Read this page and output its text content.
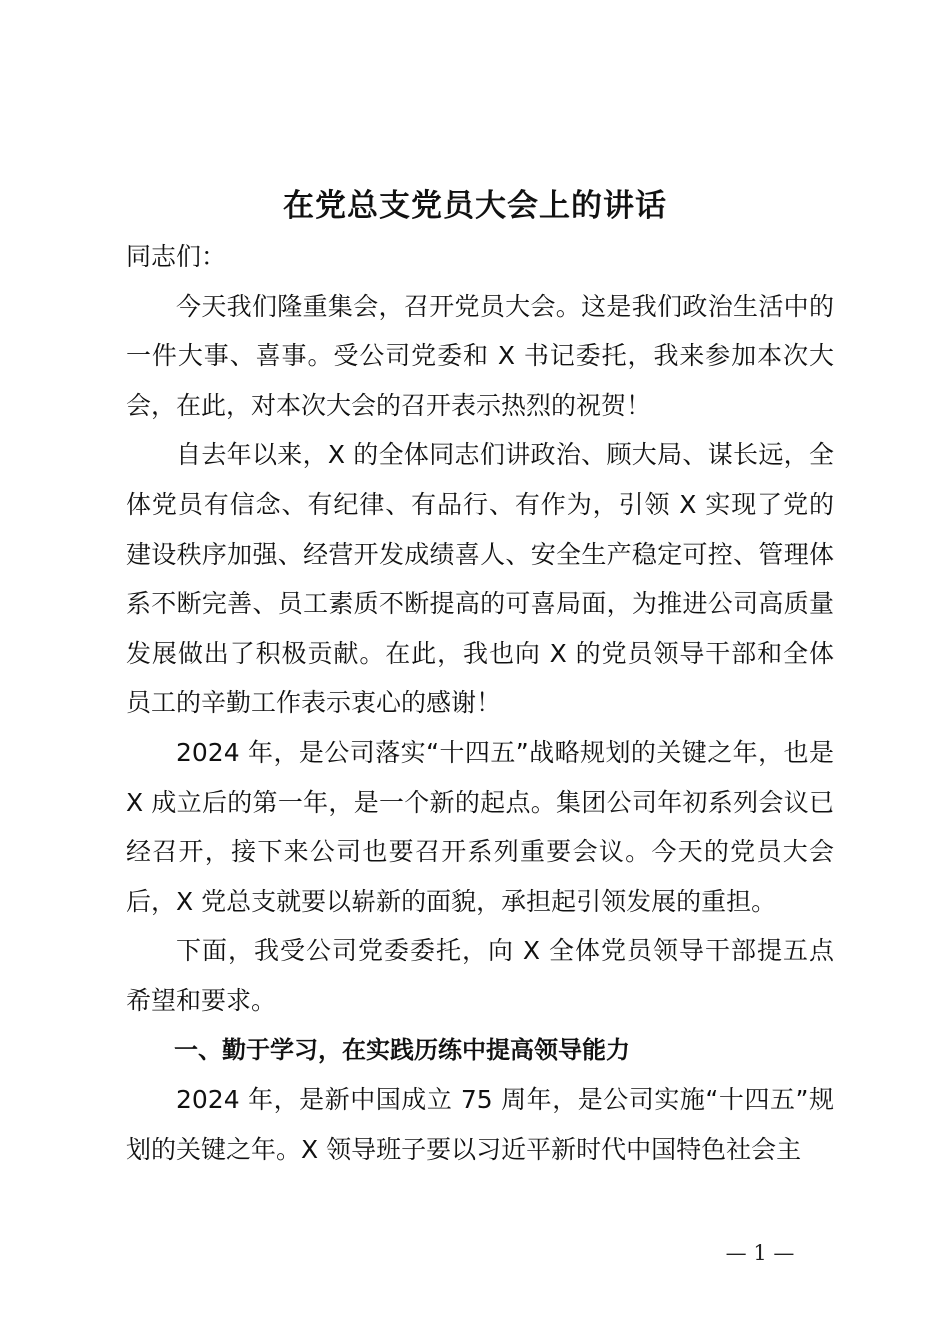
在党总支党员大会上的讲话

同志们：

今天我们隆重集会，召开党员大会。这是我们政治生活中的一件大事、喜事。受公司党委和 X 书记委托，我来参加本次大会，在此，对本次大会的召开表示热烈的祝贺！

自去年以来，X 的全体同志们讲政治、顾大局、谋长远，全体党员有信念、有纪律、有品行、有作为，引领 X 实现了党的建设秩序加强、经营开发成绩喜人、安全生产稳定可控、管理体系不断完善、员工素质不断提高的可喜局面，为推进公司高质量发展做出了积极贡献。在此，我也向 X 的党员领导干部和全体员工的辛勤工作表示衷心的感谢！

2024 年，是公司落实“十四五”战略规划的关键之年，也是 X 成立后的第一年，是一个新的起点。集团公司年初系列会议已经召开，接下来公司也要召开系列重要会议。今天的党员大会后，X 党总支就要以崭新的面貌，承担起引领发展的重担。

下面，我受公司党委委托，向 X 全体党员领导干部提五点希望和要求。

一、勤于学习，在实践历练中提高领导能力

2024 年，是新中国成立 75 周年，是公司实施“十四五”规划的关键之年。X 领导班子要以习近平新时代中国特色社会主

— 1 —
